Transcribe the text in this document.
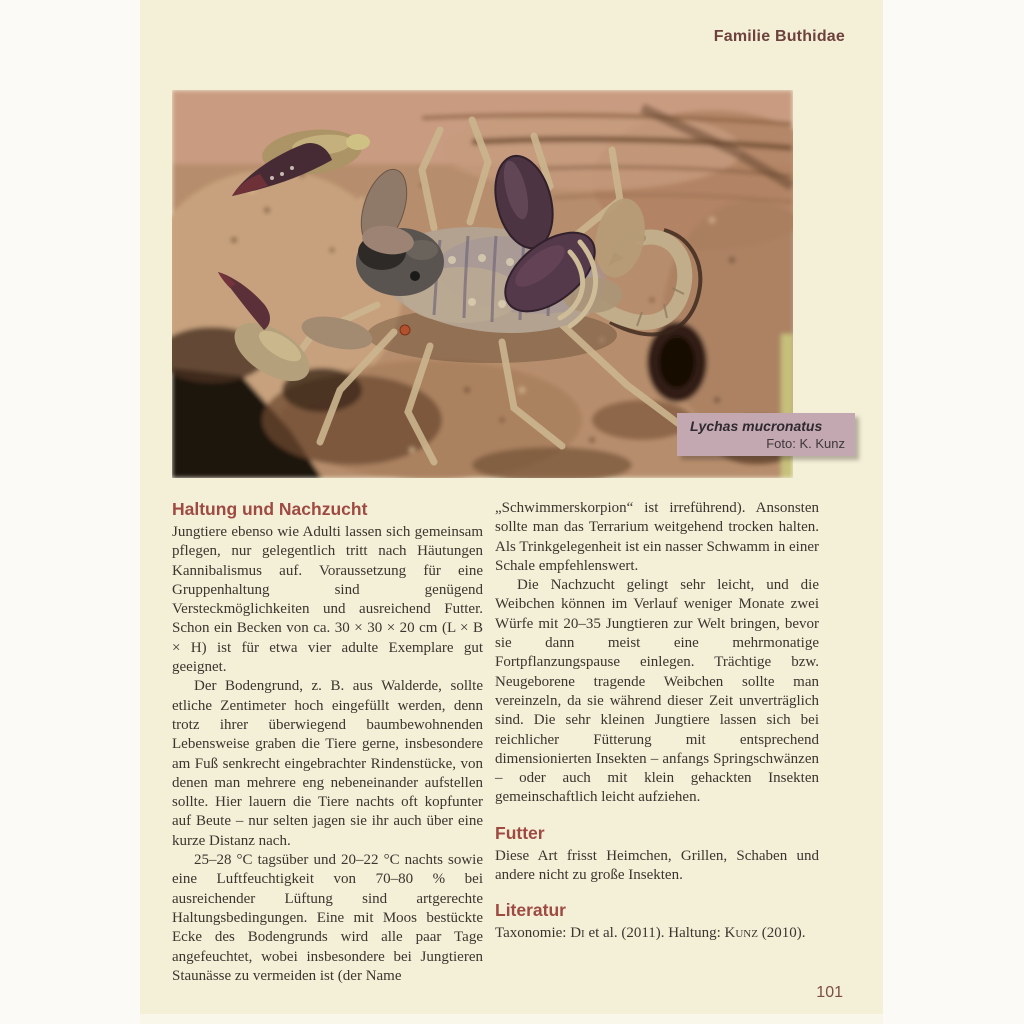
Familie Buthidae
Lychas mucronatus
Foto: K. Kunz
Haltung und Nachzucht

Jungtiere ebenso wie Adulti lassen sich gemeinsam pflegen, nur gelegentlich tritt nach Häutungen Kannibalismus auf. Voraussetzung für eine Gruppenhaltung sind genügend Versteckmöglichkeiten und ausreichend Futter. Schon ein Becken von ca. 30 × 30 × 20 cm (L × B × H) ist für etwa vier adulte Exemplare gut geeignet.

Der Bodengrund, z. B. aus Walderde, sollte etliche Zentimeter hoch eingefüllt werden, denn trotz ihrer überwiegend baumbewohnenden Lebensweise graben die Tiere gerne, insbesondere am Fuß senkrecht eingebrachter Rindenstücke, von denen man mehrere eng nebeneinander aufstellen sollte. Hier lauern die Tiere nachts oft kopfunter auf Beute – nur selten jagen sie ihr auch über eine kurze Distanz nach.

25–28 °C tagsüber und 20–22 °C nachts sowie eine Luftfeuchtigkeit von 70–80 % bei ausreichender Lüftung sind artgerechte Haltungsbedingungen. Eine mit Moos bestückte Ecke des Bodengrunds wird alle paar Tage angefeuchtet, wobei insbesondere bei Jungtieren Staunässe zu vermeiden ist (der Name

„Schwimmerskorpion“ ist irreführend). Ansonsten sollte man das Terrarium weitgehend trocken halten. Als Trinkgelegenheit ist ein nasser Schwamm in einer Schale empfehlenswert.

Die Nachzucht gelingt sehr leicht, und die Weibchen können im Verlauf weniger Monate zwei Würfe mit 20–35 Jungtieren zur Welt bringen, bevor sie dann meist eine mehrmonatige Fortpflanzungspause einlegen. Trächtige bzw. Neugeborene tragende Weibchen sollte man vereinzeln, da sie während dieser Zeit unverträglich sind. Die sehr kleinen Jungtiere lassen sich bei reichlicher Fütterung mit entsprechend dimensionierten Insekten – anfangs Springschwänzen – oder auch mit klein gehackten Insekten gemeinschaftlich leicht aufziehen.

Futter

Diese Art frisst Heimchen, Grillen, Schaben und andere nicht zu große Insekten.

Literatur

Taxonomie: Di et al. (2011). Haltung: Kunz (2010).

101
